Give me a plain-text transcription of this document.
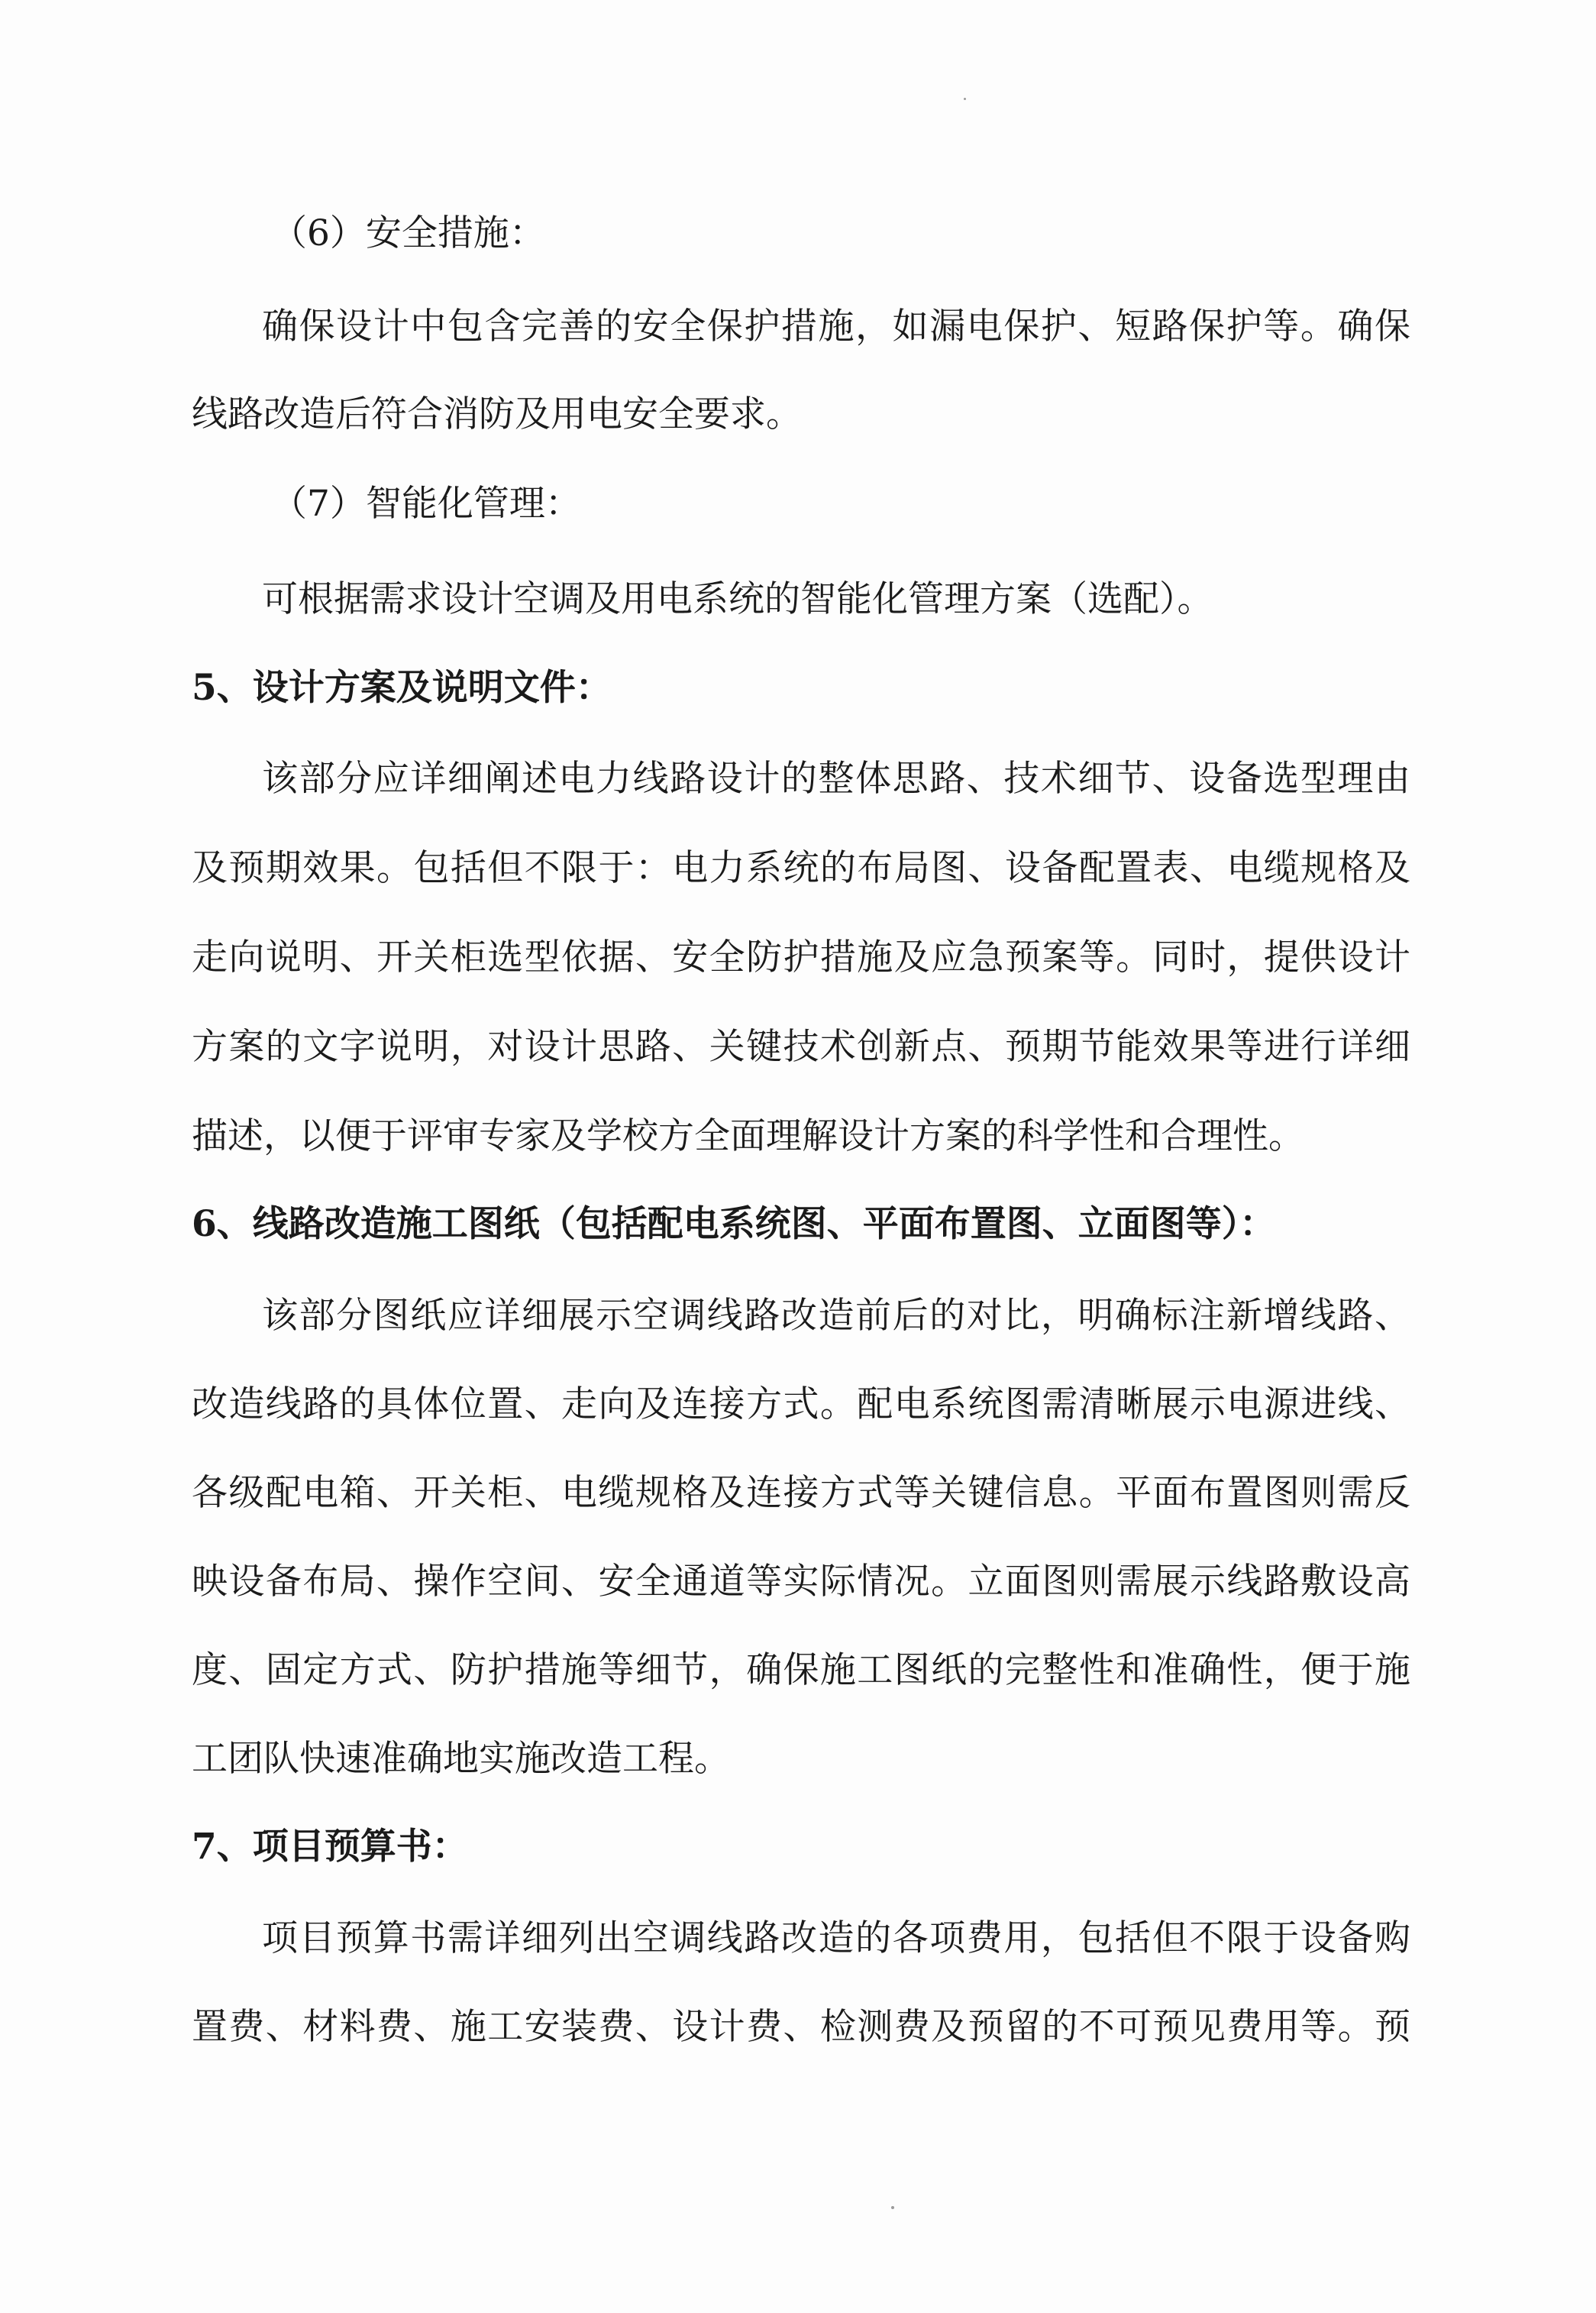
（6）安全措施：
确保设计中包含完善的安全保护措施，如漏电保护、短路保护等。确保
线路改造后符合消防及用电安全要求。
（7）智能化管理：
可根据需求设计空调及用电系统的智能化管理方案（选配）。
5、设计方案及说明文件：
该部分应详细阐述电力线路设计的整体思路、技术细节、设备选型理由
及预期效果。包括但不限于：电力系统的布局图、设备配置表、电缆规格及
走向说明、开关柜选型依据、安全防护措施及应急预案等。同时，提供设计
方案的文字说明，对设计思路、关键技术创新点、预期节能效果等进行详细
描述，以便于评审专家及学校方全面理解设计方案的科学性和合理性。
6、线路改造施工图纸（包括配电系统图、平面布置图、立面图等）：
该部分图纸应详细展示空调线路改造前后的对比，明确标注新增线路、
改造线路的具体位置、走向及连接方式。配电系统图需清晰展示电源进线、
各级配电箱、开关柜、电缆规格及连接方式等关键信息。平面布置图则需反
映设备布局、操作空间、安全通道等实际情况。立面图则需展示线路敷设高
度、固定方式、防护措施等细节，确保施工图纸的完整性和准确性，便于施
工团队快速准确地实施改造工程。
7、项目预算书：
项目预算书需详细列出空调线路改造的各项费用，包括但不限于设备购
置费、材料费、施工安装费、设计费、检测费及预留的不可预见费用等。预
